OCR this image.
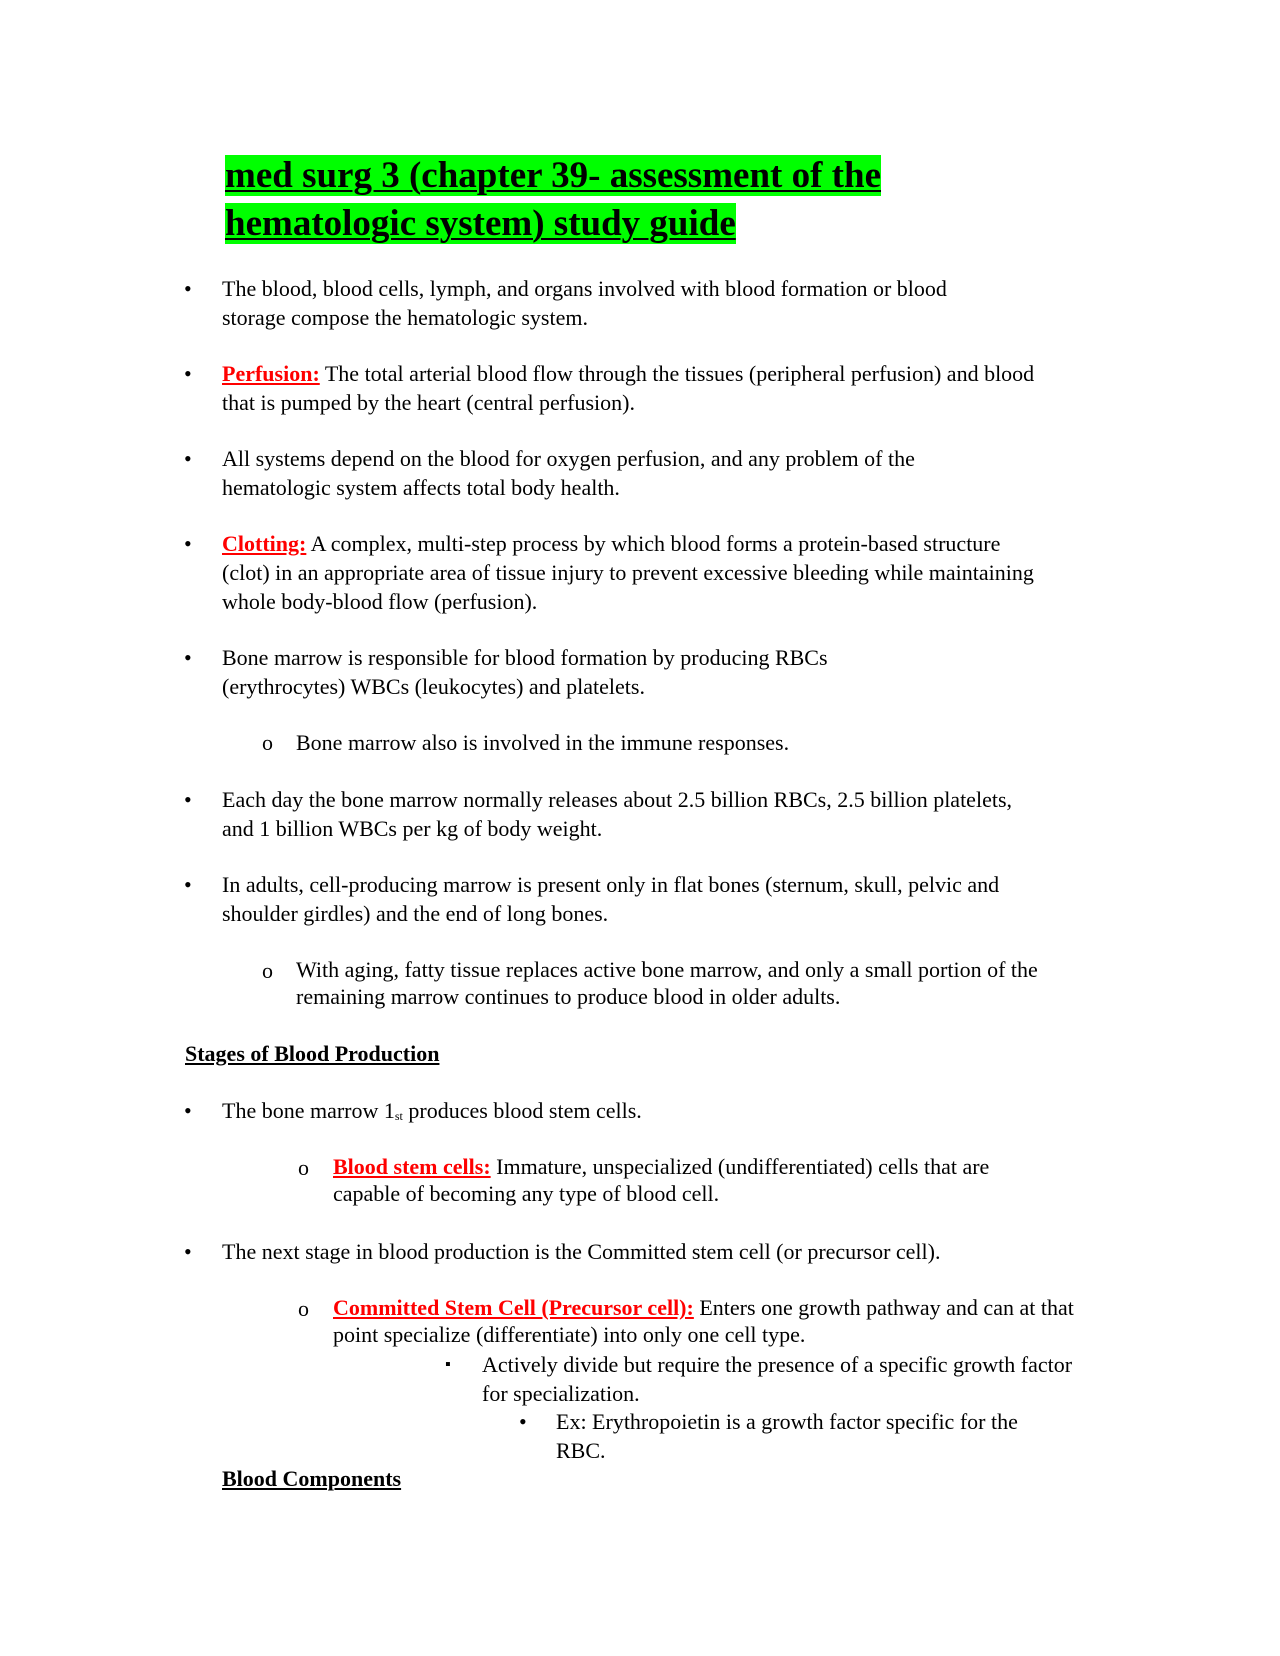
med surg 3 (chapter 39- assessment of the
hematologic system) study guide
• The blood, blood cells, lymph, and organs involved with blood formation or blood storage compose the hematologic system.

• Perfusion: The total arterial blood flow through the tissues (peripheral perfusion) and blood that is pumped by the heart (central perfusion).

• All systems depend on the blood for oxygen perfusion, and any problem of the hematologic system affects total body health.

• Clotting: A complex, multi-step process by which blood forms a protein-based structure (clot) in an appropriate area of tissue injury to prevent excessive bleeding while maintaining whole body-blood flow (perfusion).

• Bone marrow is responsible for blood formation by producing RBCs (erythrocytes) WBCs (leukocytes) and platelets.

o Bone marrow also is involved in the immune responses.

• Each day the bone marrow normally releases about 2.5 billion RBCs, 2.5 billion platelets, and 1 billion WBCs per kg of body weight.

• In adults, cell-producing marrow is present only in flat bones (sternum, skull, pelvic and shoulder girdles) and the end of long bones.

o With aging, fatty tissue replaces active bone marrow, and only a small portion of the remaining marrow continues to produce blood in older adults.

Stages of Blood Production

• The bone marrow 1st produces blood stem cells.

o Blood stem cells: Immature, unspecialized (undifferentiated) cells that are capable of becoming any type of blood cell.

• The next stage in blood production is the Committed stem cell (or precursor cell).

o Committed Stem Cell (Precursor cell): Enters one growth pathway and can at that point specialize (differentiate) into only one cell type.

▪ Actively divide but require the presence of a specific growth factor for specialization.

• Ex: Erythropoietin is a growth factor specific for the RBC.

Blood Components
